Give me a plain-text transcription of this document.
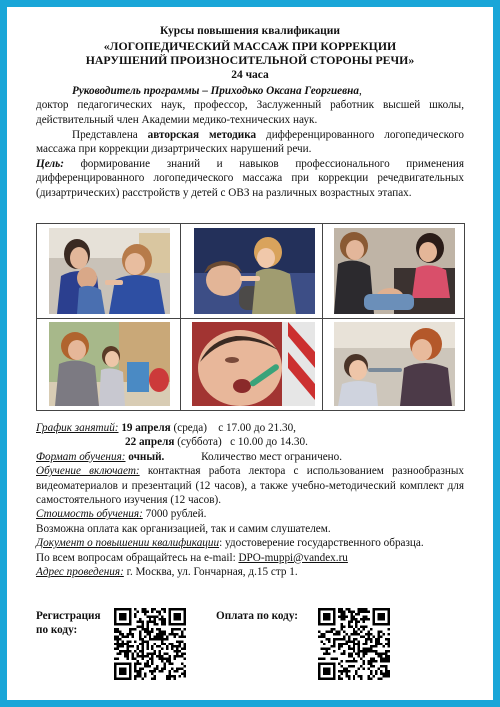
Курсы повышения квалификации

«ЛОГОПЕДИЧЕСКИЙ МАССАЖ ПРИ КОРРЕКЦИИ

НАРУШЕНИЙ ПРОИЗНОСИТЕЛЬНОЙ СТОРОНЫ РЕЧИ»

24 часа

Руководитель программы – Приходько Оксана Георгиевна,

доктор педагогических наук, профессор, Заслуженный работник высшей школы, действительный член Академии медико-технических наук.

Представлена авторская методика дифференцированного логопедического массажа при коррекции дизартрических нарушений речи.

Цель: формирование знаний и навыков профессионального применения дифференцированного логопедического массажа при коррекции речедвигательных (дизартрических) расстройств у детей с ОВЗ на различных возрастных этапах.

График занятий: 19 апреля (среда)    с 17.00 до 21.30,

22 апреля (суббота)   с 10.00 до 14.30.

Формат обучения: очный.	Количество мест ограничено.

Обучение включает: контактная работа лектора с использованием разнообразных видеоматериалов и презентаций (12 часов), а также учебно-методический комплект для самостоятельного изучения (12 часов).

Стоимость обучения: 7000 рублей.

Возможна оплата как организацией, так и самим слушателем.

Документ о повышении квалификации: удостоверение государственного образца.

По всем вопросам обращайтесь на e-mail: DPO-muppi@vandex.ru

Адрес проведения: г. Москва, ул. Гончарная, д.15 стр 1.

Регистрация
по коду:
Оплата по коду:
